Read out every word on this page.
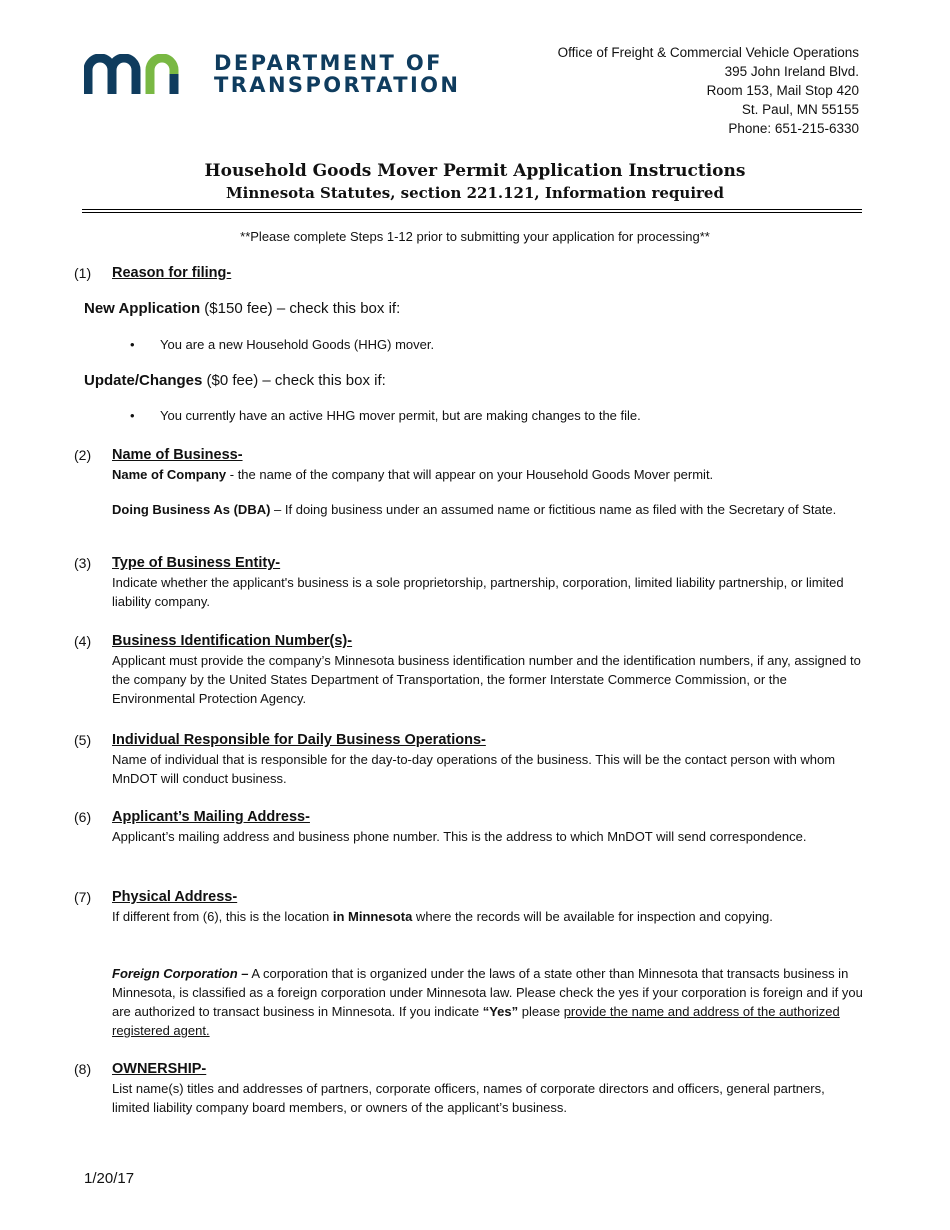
DEPARTMENT OF
TRANSPORTATION
Office of Freight & Commercial Vehicle Operations
395 John Ireland Blvd.
Room 153, Mail Stop 420
St. Paul, MN 55155
Phone: 651-215-6330
Household Goods Mover Permit Application Instructions
Minnesota Statutes, section 221.121, Information required
**Please complete Steps 1-12 prior to submitting your application for processing**
(1) Reason for filing-
New Application ($150 fee) – check this box if:
• You are a new Household Goods (HHG) mover.
Update/Changes ($0 fee) – check this box if:
• You currently have an active HHG mover permit, but are making changes to the file.
(2) Name of Business-
Name of Company - the name of the company that will appear on your Household Goods Mover permit.
Doing Business As (DBA) – If doing business under an assumed name or fictitious name as filed with the Secretary of State.
(3) Type of Business Entity-
Indicate whether the applicant's business is a sole proprietorship, partnership, corporation, limited liability partnership, or limited liability company.
(4) Business Identification Number(s)-
Applicant must provide the company’s Minnesota business identification number and the identification numbers, if any, assigned to the company by the United States Department of Transportation, the former Interstate Commerce Commission, or the Environmental Protection Agency.
(5) Individual Responsible for Daily Business Operations-
Name of individual that is responsible for the day-to-day operations of the business. This will be the contact person with whom MnDOT will conduct business.
(6) Applicant’s Mailing Address-
Applicant’s mailing address and business phone number. This is the address to which MnDOT will send correspondence.
(7) Physical Address-
If different from (6), this is the location in Minnesota where the records will be available for inspection and copying.
Foreign Corporation – A corporation that is organized under the laws of a state other than Minnesota that transacts business in Minnesota, is classified as a foreign corporation under Minnesota law. Please check the yes if your corporation is foreign and if you are authorized to transact business in Minnesota. If you indicate “Yes” please provide the name and address of the authorized registered agent.
(8) OWNERSHIP-
List name(s) titles and addresses of partners, corporate officers, names of corporate directors and officers, general partners, limited liability company board members, or owners of the applicant’s business.
1/20/17
